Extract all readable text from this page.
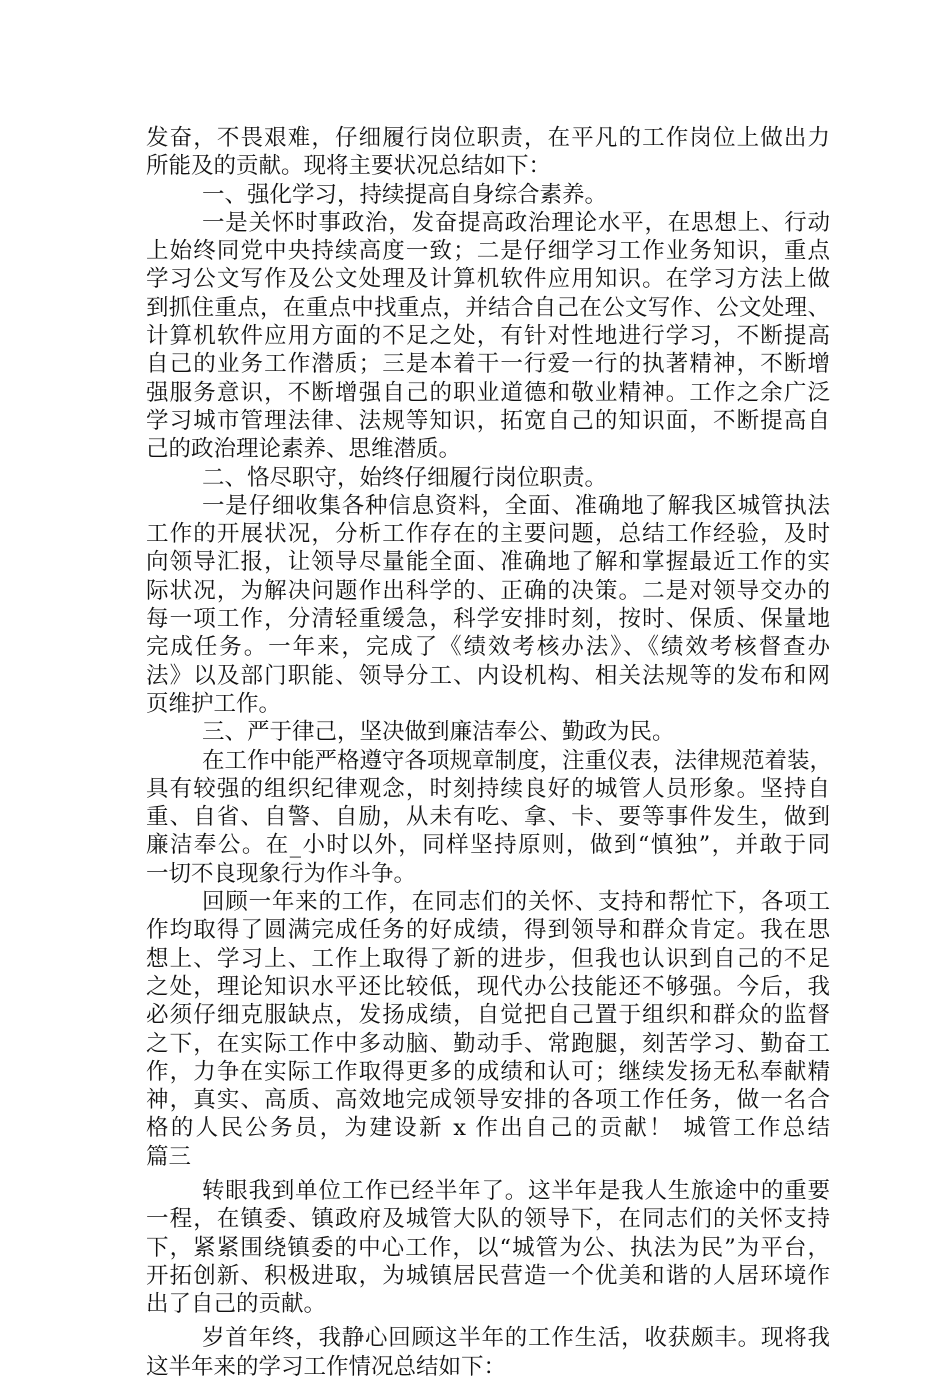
发奋，不畏艰难，仔细履行岗位职责，在平凡的工作岗位上做出力
所能及的贡献。现将主要状况总结如下：
一、强化学习，持续提高自身综合素养。
一是关怀时事政治，发奋提高政治理论水平，在思想上、行动
上始终同党中央持续高度一致；二是仔细学习工作业务知识，重点
学习公文写作及公文处理及计算机软件应用知识。在学习方法上做
到抓住重点，在重点中找重点，并结合自己在公文写作、公文处理、
计算机软件应用方面的不足之处，有针对性地进行学习，不断提高
自己的业务工作潜质；三是本着干一行爱一行的执著精神，不断增
强服务意识，不断增强自己的职业道德和敬业精神。工作之余广泛
学习城市管理法律、法规等知识，拓宽自己的知识面，不断提高自
己的政治理论素养、思维潜质。
二、恪尽职守，始终仔细履行岗位职责。
一是仔细收集各种信息资料，全面、准确地了解我区城管执法
工作的开展状况，分析工作存在的主要问题，总结工作经验，及时
向领导汇报，让领导尽量能全面、准确地了解和掌握最近工作的实
际状况，为解决问题作出科学的、正确的决策。二是对领导交办的
每一项工作，分清轻重缓急，科学安排时刻，按时、保质、保量地
完成任务。一年来，完成了《绩效考核办法》、《绩效考核督查办
法》以及部门职能、领导分工、内设机构、相关法规等的发布和网
页维护工作。
三、严于律己，坚决做到廉洁奉公、勤政为民。
在工作中能严格遵守各项规章制度，注重仪表，法律规范着装，
具有较强的组织纪律观念，时刻持续良好的城管人员形象。坚持自
重、自省、自警、自励，从未有吃、拿、卡、要等事件发生，做到
廉洁奉公。在_小时以外，同样坚持原则，做到“慎独”，并敢于同
一切不良现象行为作斗争。
回顾一年来的工作，在同志们的关怀、支持和帮忙下，各项工
作均取得了圆满完成任务的好成绩，得到领导和群众肯定。我在思
想上、学习上、工作上取得了新的进步，但我也认识到自己的不足
之处，理论知识水平还比较低，现代办公技能还不够强。今后，我
必须仔细克服缺点，发扬成绩，自觉把自己置于组织和群众的监督
之下，在实际工作中多动脑、勤动手、常跑腿，刻苦学习、勤奋工
作，力争在实际工作取得更多的成绩和认可；继续发扬无私奉献精
神，真实、高质、高效地完成领导安排的各项工作任务，做一名合
格的人民公务员，为建设新 x 作出自己的贡献！ 城管工作总结
篇三
转眼我到单位工作已经半年了。这半年是我人生旅途中的重要
一程，在镇委、镇政府及城管大队的领导下，在同志们的关怀支持
下，紧紧围绕镇委的中心工作，以“城管为公、执法为民”为平台，
开拓创新、积极进取，为城镇居民营造一个优美和谐的人居环境作
出了自己的贡献。
岁首年终，我静心回顾这半年的工作生活，收获颇丰。现将我
这半年来的学习工作情况总结如下：
